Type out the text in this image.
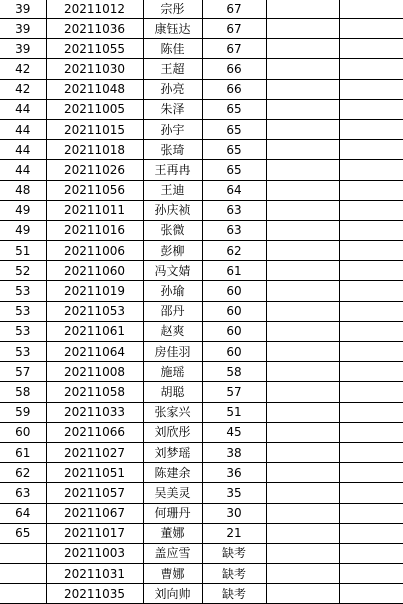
39	20211012	宗彤	67		
39	20211036	康钰达	67		
39	20211055	陈佳	67		
42	20211030	王超	66		
42	20211048	孙亮	66		
44	20211005	朱泽	65		
44	20211015	孙宇	65		
44	20211018	张琦	65		
44	20211026	王再冉	65		
48	20211056	王迪	64		
49	20211011	孙庆祯	63		
49	20211016	张微	63		
51	20211006	彭柳	62		
52	20211060	冯文婧	61		
53	20211019	孙瑜	60		
53	20211053	邵丹	60		
53	20211061	赵爽	60		
53	20211064	房佳羽	60		
57	20211008	施瑶	58		
58	20211058	胡聪	57		
59	20211033	张家兴	51		
60	20211066	刘欣彤	45		
61	20211027	刘梦瑶	38		
62	20211051	陈建余	36		
63	20211057	吴美灵	35		
64	20211067	何珊丹	30		
65	20211017	董娜	21		
	20211003	盖应雪	缺考		
	20211031	曹娜	缺考		
	20211035	刘向帅	缺考		
